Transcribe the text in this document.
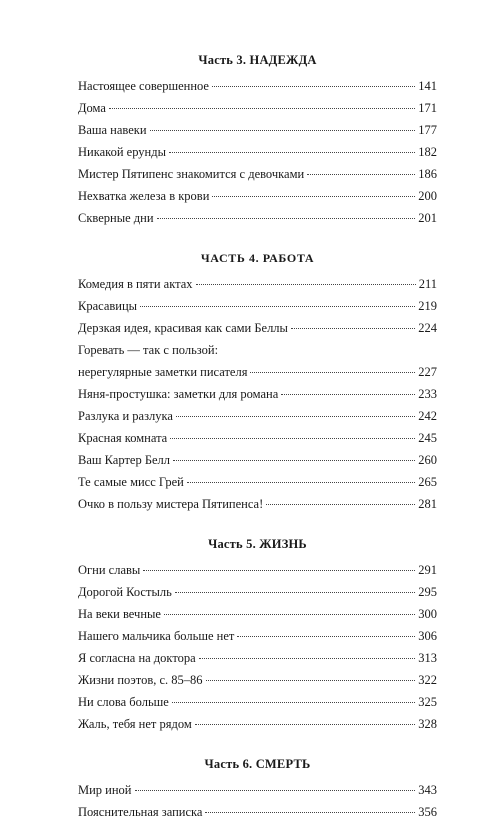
Часть 3. НАДЕЖДА
Настоящее совершенное	141
Дома	171
Ваша навеки	177
Никакой ерунды	182
Мистер Пятипенс знакомится с девочками	186
Нехватка железа в крови	200
Скверные дни	201
ЧАСТЬ 4. РАБОТА
Комедия в пяти актах	211
Красавицы	219
Дерзкая идея, красивая как сами Беллы	224
Горевать — так с пользой:
нерегулярные заметки писателя	227
Няня-простушка: заметки для романа	233
Разлука и разлука	242
Красная комната	245
Ваш Картер Белл	260
Те самые мисс Грей	265
Очко в пользу мистера Пятипенса!	281
Часть 5. ЖИЗНЬ
Огни славы	291
Дорогой Костыль	295
На веки вечные	300
Нашего мальчика больше нет	306
Я согласна на доктора	313
Жизни поэтов, с. 85–86	322
Ни слова больше	325
Жаль, тебя нет рядом	328
Часть 6. СМЕРТЬ
Мир иной	343
Пояснительная записка	356
